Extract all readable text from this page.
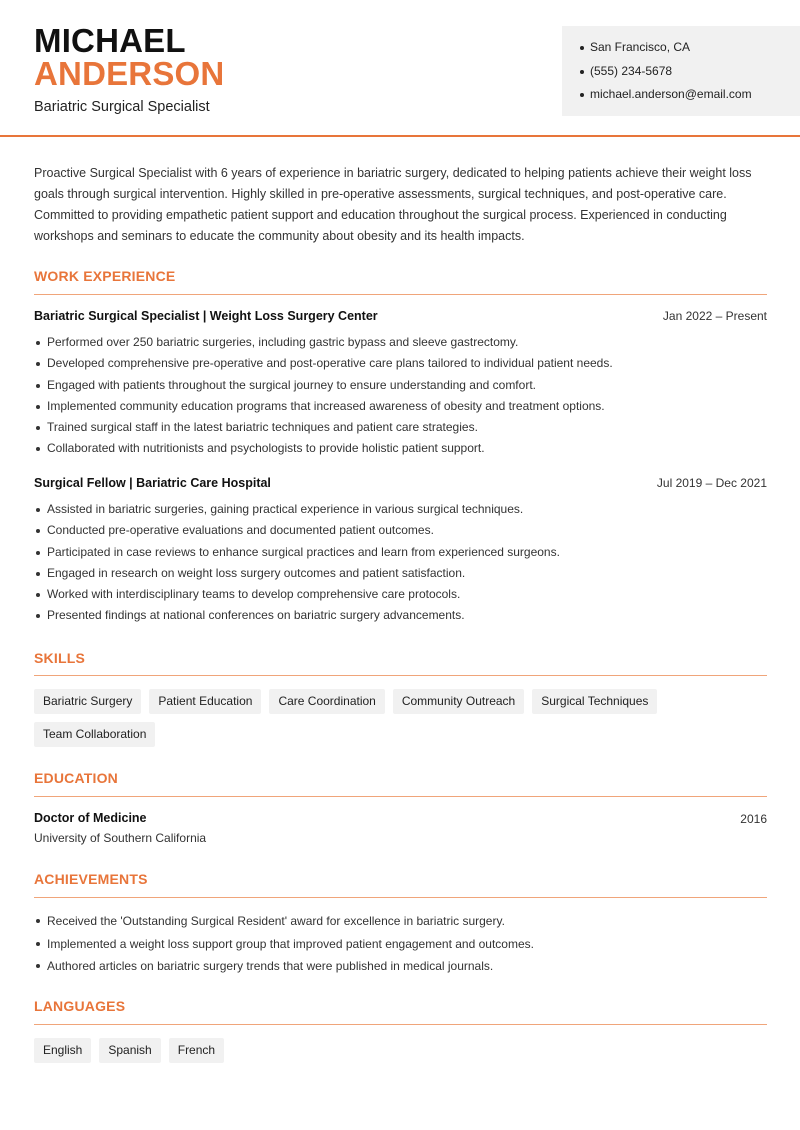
MICHAEL
ANDERSON
Bariatric Surgical Specialist
San Francisco, CA
(555) 234-5678
michael.anderson@email.com

Proactive Surgical Specialist with 6 years of experience in bariatric surgery, dedicated to helping patients achieve their weight loss goals through surgical intervention. Highly skilled in pre-operative assessments, surgical techniques, and post-operative care. Committed to providing empathetic patient support and education throughout the surgical process. Experienced in conducting workshops and seminars to educate the community about obesity and its health impacts.

WORK EXPERIENCE
Bariatric Surgical Specialist | Weight Loss Surgery Center	Jan 2022 – Present
Performed over 250 bariatric surgeries, including gastric bypass and sleeve gastrectomy.
Developed comprehensive pre-operative and post-operative care plans tailored to individual patient needs.
Engaged with patients throughout the surgical journey to ensure understanding and comfort.
Implemented community education programs that increased awareness of obesity and treatment options.
Trained surgical staff in the latest bariatric techniques and patient care strategies.
Collaborated with nutritionists and psychologists to provide holistic patient support.
Surgical Fellow | Bariatric Care Hospital	Jul 2019 – Dec 2021
Assisted in bariatric surgeries, gaining practical experience in various surgical techniques.
Conducted pre-operative evaluations and documented patient outcomes.
Participated in case reviews to enhance surgical practices and learn from experienced surgeons.
Engaged in research on weight loss surgery outcomes and patient satisfaction.
Worked with interdisciplinary teams to develop comprehensive care protocols.
Presented findings at national conferences on bariatric surgery advancements.
SKILLS
Bariatric Surgery	Patient Education	Care Coordination	Community Outreach	Surgical Techniques
Team Collaboration
EDUCATION
Doctor of Medicine	2016
University of Southern California
ACHIEVEMENTS
Received the 'Outstanding Surgical Resident' award for excellence in bariatric surgery.
Implemented a weight loss support group that improved patient engagement and outcomes.
Authored articles on bariatric surgery trends that were published in medical journals.
LANGUAGES
English	Spanish	French
